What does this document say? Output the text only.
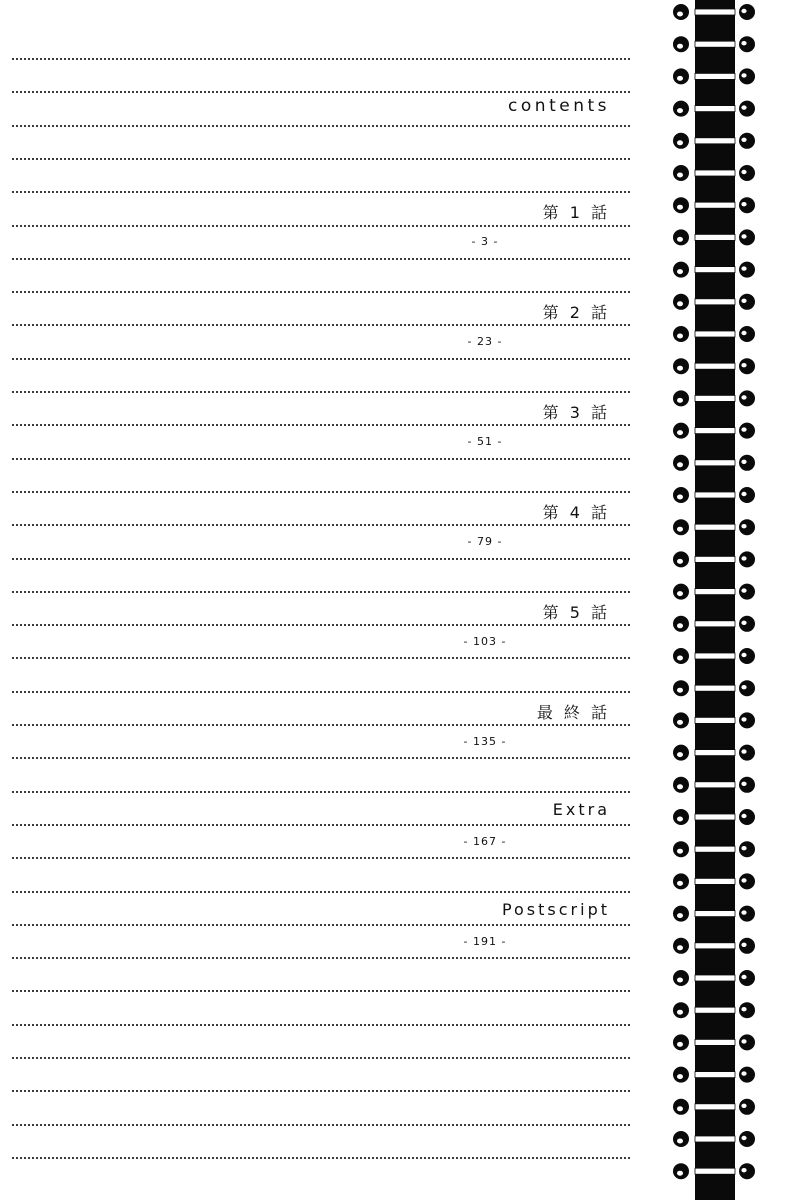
contents
第 1 話
- 3 -
第 2 話
- 23 -
第 3 話
- 51 -
第 4 話
- 79 -
第 5 話
- 103 -
最 終 話
- 135 -
Extra
- 167 -
Postscript
- 191 -
